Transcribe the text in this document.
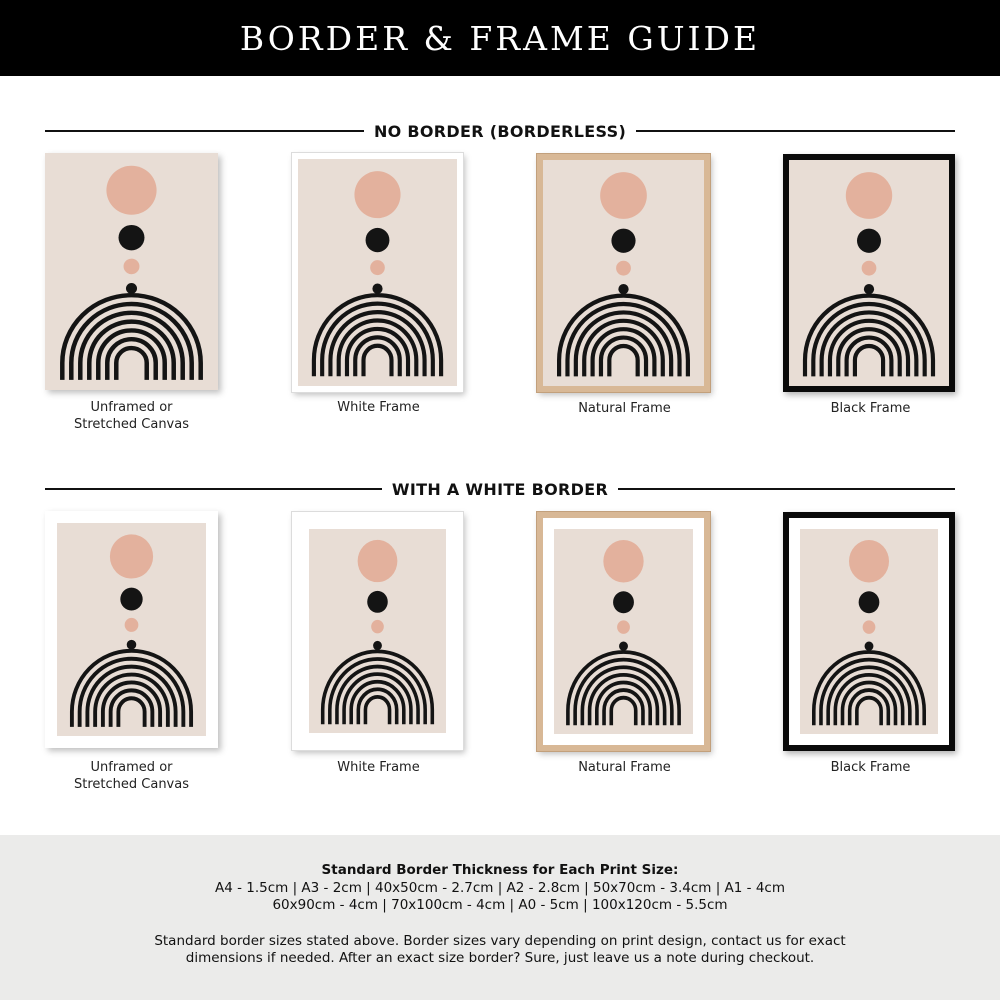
BORDER & FRAME GUIDE
NO BORDER (BORDERLESS)
WITH A WHITE BORDER
Unframed or
Stretched Canvas
White Frame	Natural Frame	Black Frame
Unframed or
Stretched Canvas
White Frame	Natural Frame	Black Frame
Standard Border Thickness for Each Print Size:
A4 - 1.5cm | A3 - 2cm | 40x50cm - 2.7cm | A2 - 2.8cm | 50x70cm - 3.4cm | A1 - 4cm
60x90cm - 4cm | 70x100cm - 4cm | A0 - 5cm | 100x120cm - 5.5cm
Standard border sizes stated above. Border sizes vary depending on print design, contact us for exact
dimensions if needed. After an exact size border? Sure, just leave us a note during checkout.
